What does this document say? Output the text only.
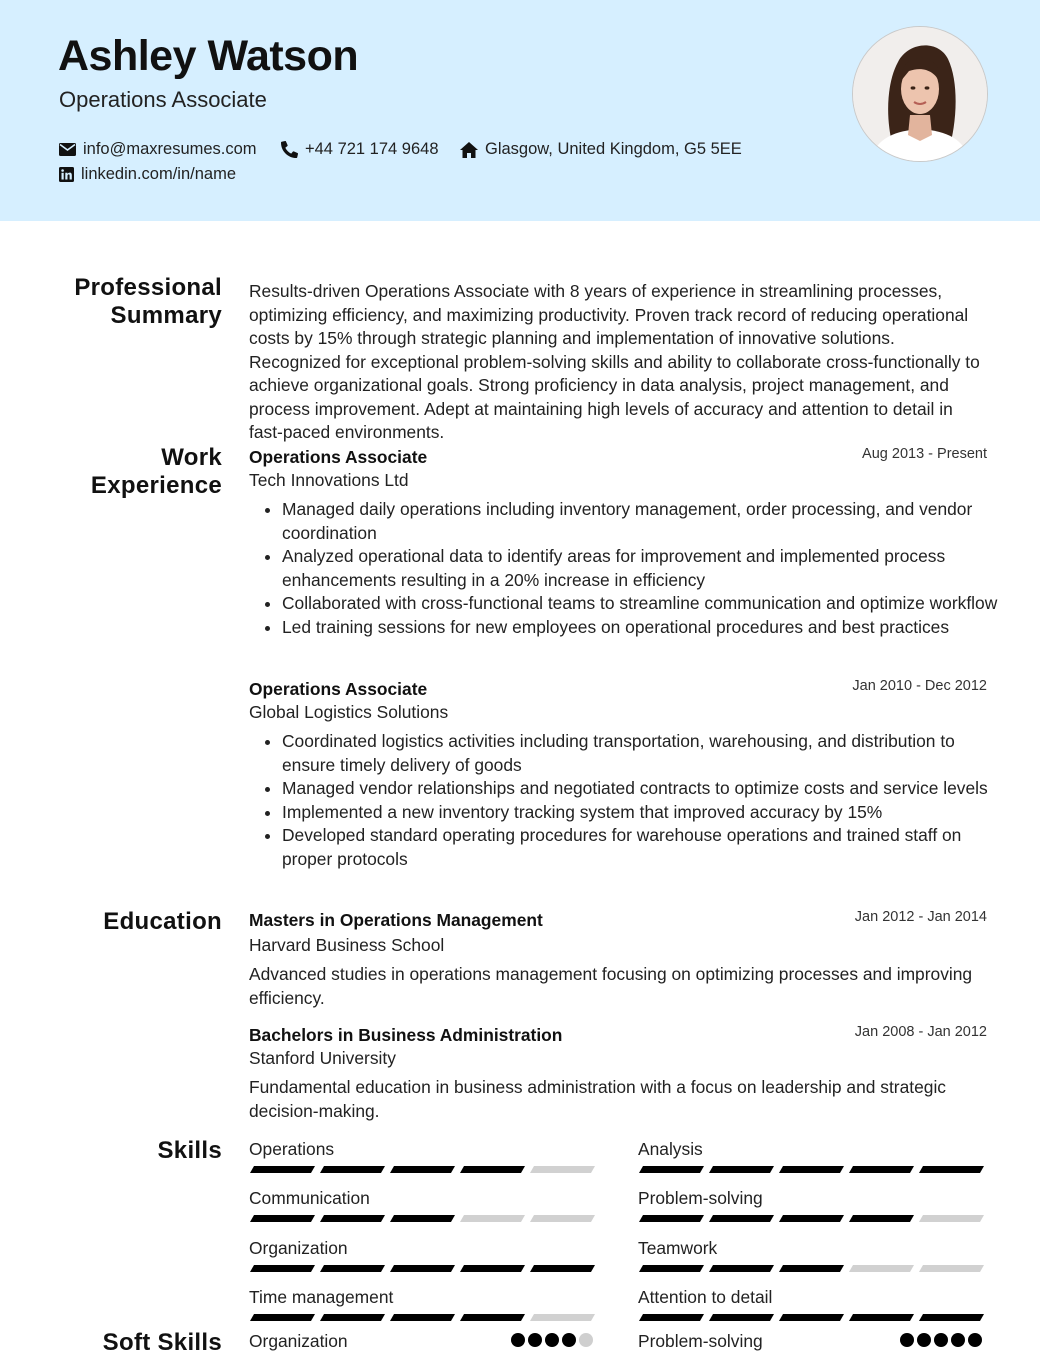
Ashley Watson
Operations Associate
info@maxresumes.com	+44 721 174 9648	Glasgow, United Kingdom, G5 5EE
linkedin.com/in/name
Professional Summary
Results-driven Operations Associate with 8 years of experience in streamlining processes, optimizing efficiency, and maximizing productivity. Proven track record of reducing operational costs by 15% through strategic planning and implementation of innovative solutions. Recognized for exceptional problem-solving skills and ability to collaborate cross-functionally to achieve organizational goals. Strong proficiency in data analysis, project management, and process improvement. Adept at maintaining high levels of accuracy and attention to detail in fast-paced environments.
Work Experience
Operations Associate	Aug 2013 - Present
Tech Innovations Ltd
• Managed daily operations including inventory management, order processing, and vendor coordination
• Analyzed operational data to identify areas for improvement and implemented process enhancements resulting in a 20% increase in efficiency
• Collaborated with cross-functional teams to streamline communication and optimize workflow
• Led training sessions for new employees on operational procedures and best practices
Operations Associate	Jan 2010 - Dec 2012
Global Logistics Solutions
• Coordinated logistics activities including transportation, warehousing, and distribution to ensure timely delivery of goods
• Managed vendor relationships and negotiated contracts to optimize costs and service levels
• Implemented a new inventory tracking system that improved accuracy by 15%
• Developed standard operating procedures for warehouse operations and trained staff on proper protocols
Education Masters in Operations Management	Jan 2012 - Jan 2014
Harvard Business School
Advanced studies in operations management focusing on optimizing processes and improving efficiency.
Bachelors in Business Administration	Jan 2008 - Jan 2012
Stanford University
Fundamental education in business administration with a focus on leadership and strategic decision-making.
Skills Operations	Analysis
Communication	Problem-solving
Organization	Teamwork
Time management	Attention to detail
Soft Skills Organization	Problem-solving
